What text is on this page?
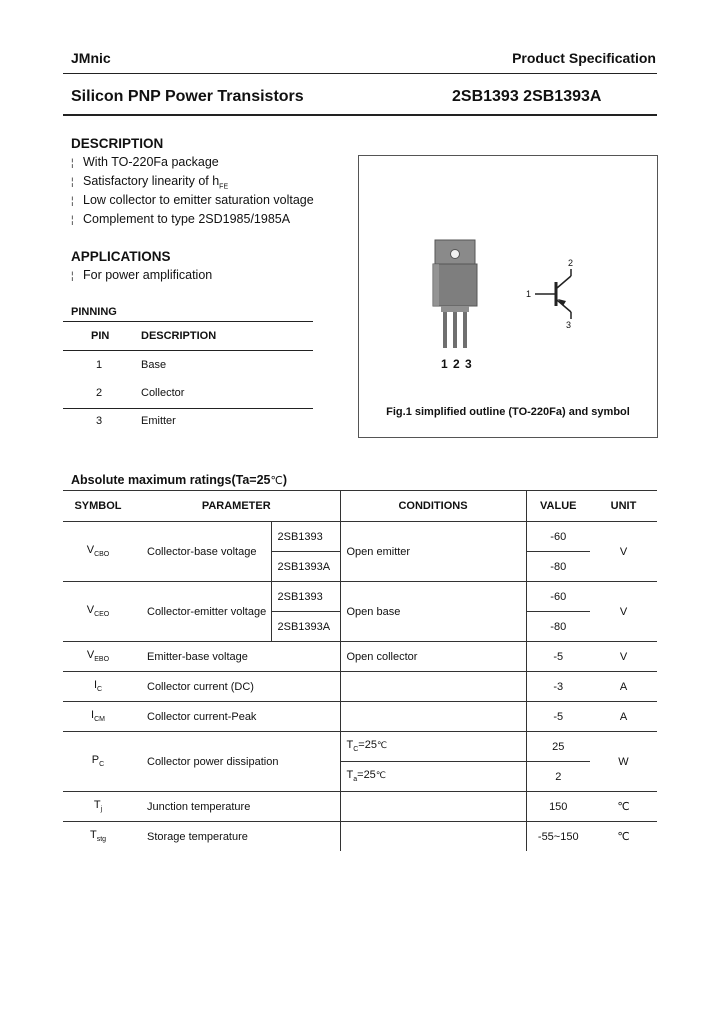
JMnic	Product Specification
Silicon PNP Power Transistors	2SB1393 2SB1393A
DESCRIPTION
¦ With TO-220Fa package
¦ Satisfactory linearity of $h_{FE}$
¦ Low collector to emitter saturation voltage
¦ Complement to type 2SD1985/1985A
APPLICATIONS
¦ For power amplification
PINNING
PIN	DESCRIPTION
1	Base
2	Collector
3	Emitter
1 2 3
1
2
3
Fig.1 simplified outline (TO-220Fa) and symbol
Absolute maximum ratings(Ta=25℃)
SYMBOL	PARAMETER		CONDITIONS	VALUE	UNIT
$V_{CBO}$	Collector-base voltage	2SB1393	Open emitter	-60	V
		2SB1393A		-80	
$V_{CEO}$	Collector-emitter voltage	2SB1393	Open base	-60	V
		2SB1393A		-80	
$V_{EBO}$	Emitter-base voltage		Open collector	-5	V
$I_C$	Collector current (DC)			-3	A
$I_{CM}$	Collector current-Peak			-5	A
$P_C$	Collector power dissipation		$T_C=25℃$	25	W
			$T_a=25℃$	2	
$T_j$	Junction temperature			150	℃
$T_{stg}$	Storage temperature			-55~150	℃
